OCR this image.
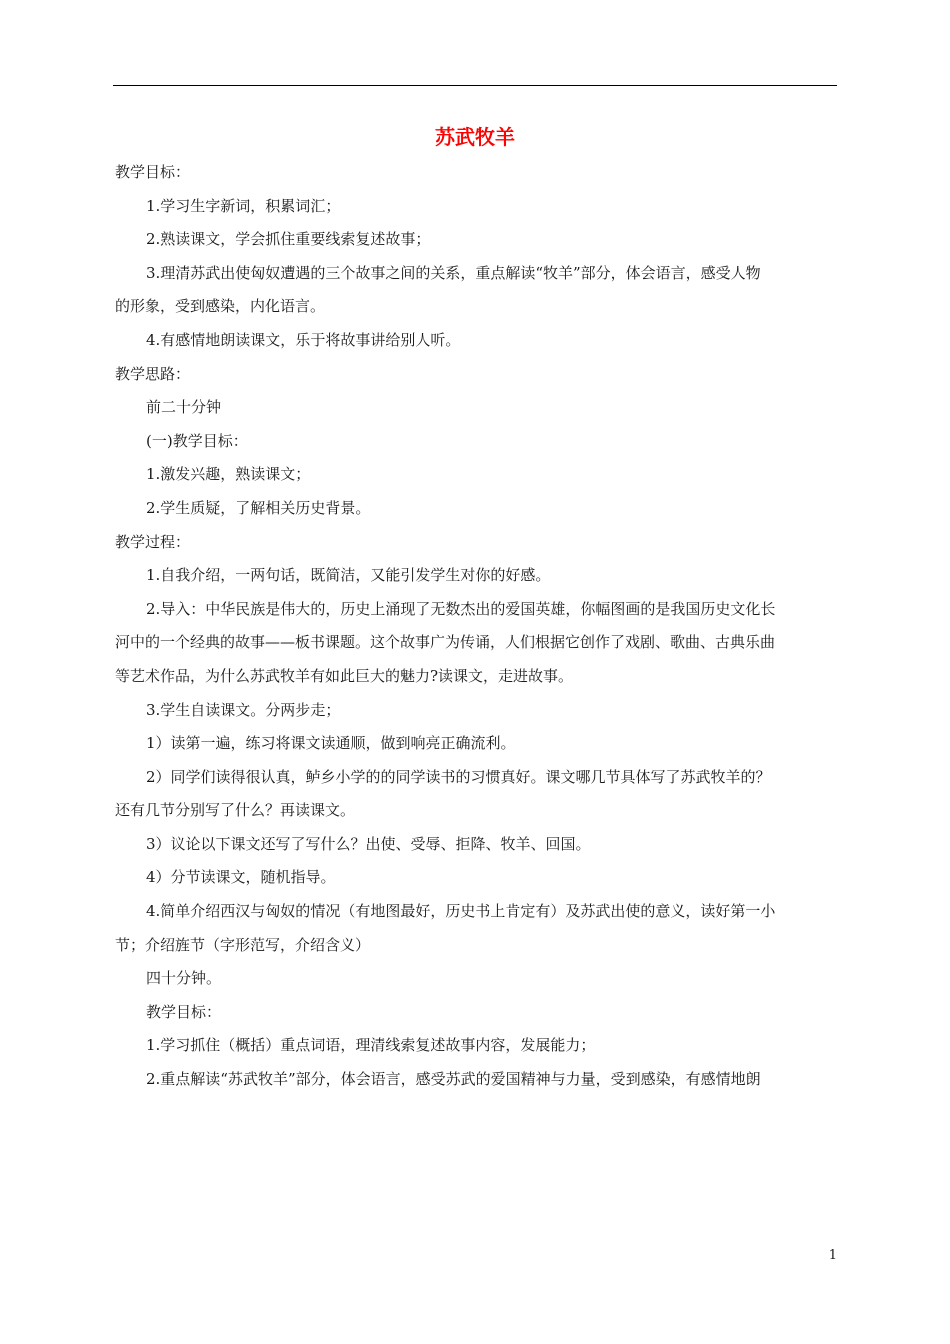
苏武牧羊

教学目标：

1.学习生字新词，积累词汇；

2.熟读课文，学会抓住重要线索复述故事；

3.理清苏武出使匈奴遭遇的三个故事之间的关系，重点解读“牧羊”部分，体会语言，感受人物

的形象，受到感染，内化语言。

4.有感情地朗读课文，乐于将故事讲给别人听。

教学思路：

前二十分钟

(一)教学目标：

1.激发兴趣，熟读课文；

2.学生质疑，了解相关历史背景。

教学过程：

1.自我介绍，一两句话，既简洁，又能引发学生对你的好感。

2.导入：中华民族是伟大的，历史上涌现了无数杰出的爱国英雄，你幅图画的是我国历史文化长

河中的一个经典的故事——板书课题。这个故事广为传诵，人们根据它创作了戏剧、歌曲、古典乐曲

等艺术作品，为什么苏武牧羊有如此巨大的魅力?读课文，走进故事。

3.学生自读课文。分两步走；

1）读第一遍，练习将课文读通顺，做到响亮正确流利。

2）同学们读得很认真，鲈乡小学的的同学读书的习惯真好。课文哪几节具体写了苏武牧羊的？

还有几节分别写了什么？再读课文。

3）议论以下课文还写了写什么？出使、受辱、拒降、牧羊、回国。

4）分节读课文，随机指导。

4.简单介绍西汉与匈奴的情况（有地图最好，历史书上肯定有）及苏武出使的意义，读好第一小

节；介绍旌节（字形范写，介绍含义）

四十分钟。

教学目标：

1.学习抓住（概括）重点词语，理清线索复述故事内容，发展能力；

2.重点解读“苏武牧羊”部分，体会语言，感受苏武的爱国精神与力量，受到感染，有感情地朗

1
